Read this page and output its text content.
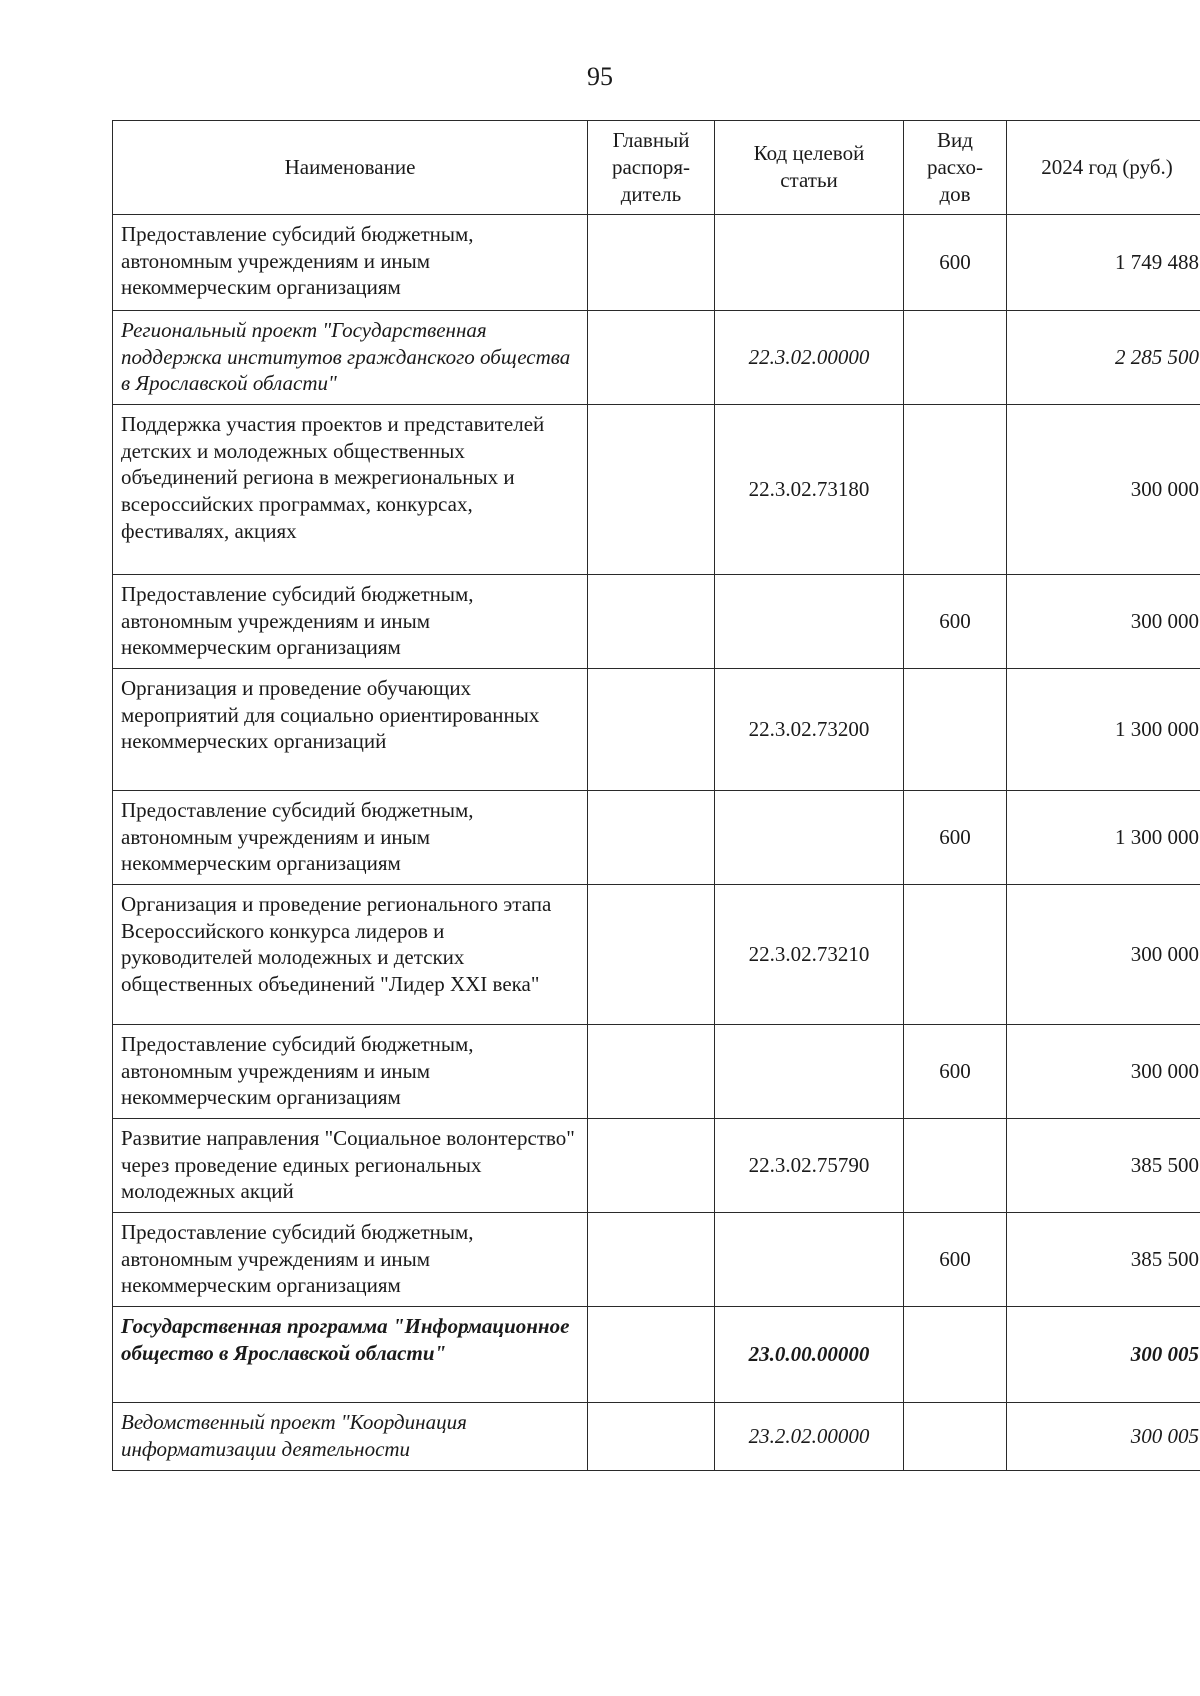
95
Наименование	Главный распоря-дитель	Код целевой статьи	Вид расхо-дов	2024 год (руб.)
Предоставление субсидий бюджетным, автономным учреждениям и иным некоммерческим организациям			600	1 749 488
Региональный проект "Государственная поддержка институтов гражданского общества в Ярославской области"		22.3.02.00000		2 285 500
Поддержка участия проектов и представителей детских и молодежных общественных объединений региона в межрегиональных и всероссийских программах, конкурсах, фестивалях, акциях		22.3.02.73180		300 000
Предоставление субсидий бюджетным, автономным учреждениям и иным некоммерческим организациям			600	300 000
Организация и проведение обучающих мероприятий для социально ориентированных некоммерческих организаций		22.3.02.73200		1 300 000
Предоставление субсидий бюджетным, автономным учреждениям и иным некоммерческим организациям			600	1 300 000
Организация и проведение регионального этапа Всероссийского конкурса лидеров и руководителей молодежных и детских общественных объединений "Лидер XXI века"		22.3.02.73210		300 000
Предоставление субсидий бюджетным, автономным учреждениям и иным некоммерческим организациям			600	300 000
Развитие направления "Социальное волонтерство" через проведение единых региональных молодежных акций		22.3.02.75790		385 500
Предоставление субсидий бюджетным, автономным учреждениям и иным некоммерческим организациям			600	385 500
Государственная программа "Информационное общество в Ярославской области"		23.0.00.00000		300 005
Ведомственный проект "Координация информатизации деятельности		23.2.02.00000		300 005
